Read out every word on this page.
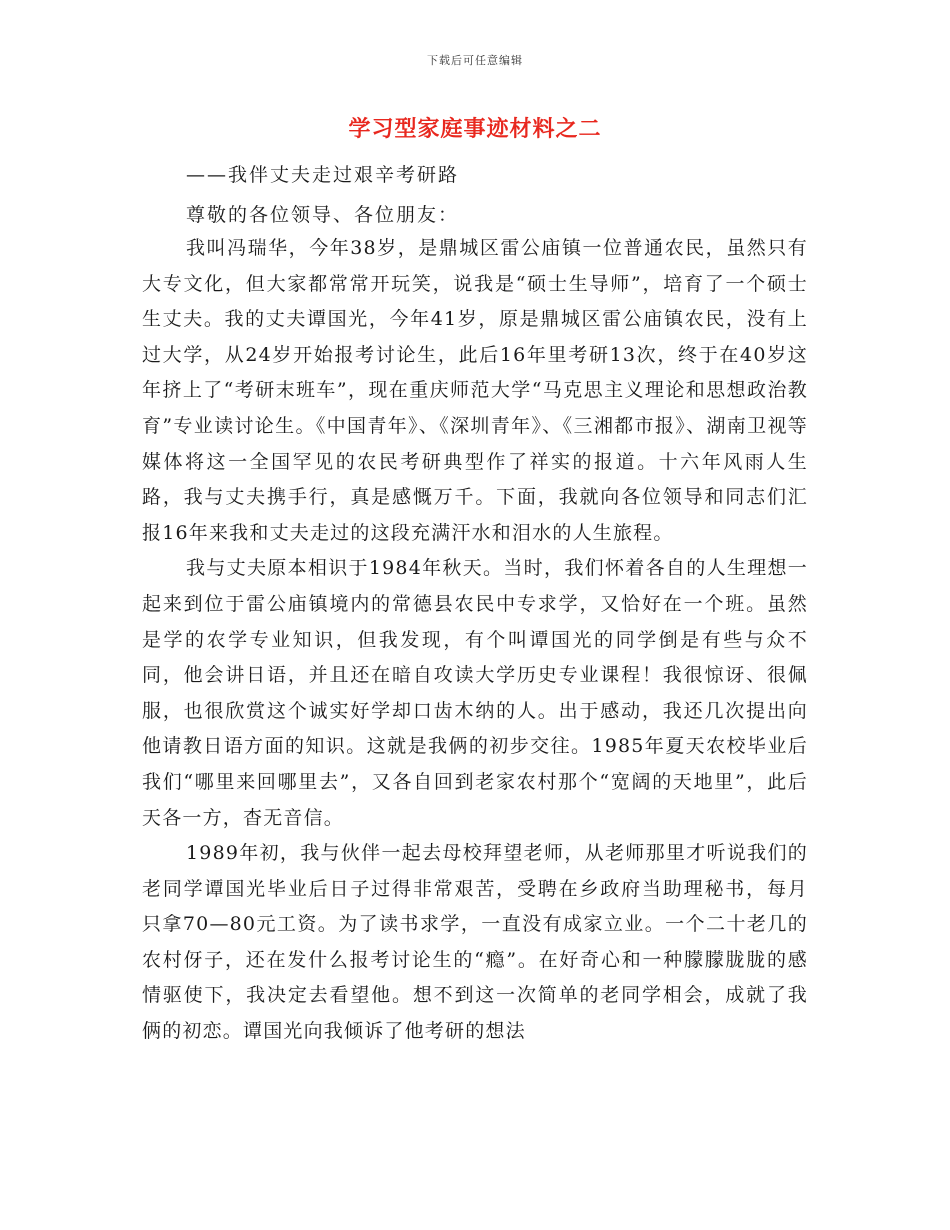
下载后可任意编辑
学习型家庭事迹材料之二
——我伴丈夫走过艰辛考研路
尊敬的各位领导、各位朋友：

我叫冯瑞华，今年38岁，是鼎城区雷公庙镇一位普通农民，虽然只有大专文化，但大家都常常开玩笑，说我是“硕士生导师”，培育了一个硕士生丈夫。我的丈夫谭国光，今年41岁，原是鼎城区雷公庙镇农民，没有上过大学，从24岁开始报考讨论生，此后16年里考研13次，终于在40岁这年挤上了“考研末班车”，现在重庆师范大学“马克思主义理论和思想政治教育”专业读讨论生。《中国青年》、《深圳青年》、《三湘都市报》、湖南卫视等媒体将这一全国罕见的农民考研典型作了祥实的报道。十六年风雨人生路，我与丈夫携手行，真是感慨万千。下面，我就向各位领导和同志们汇报16年来我和丈夫走过的这段充满汗水和泪水的人生旅程。

我与丈夫原本相识于1984年秋天。当时，我们怀着各自的人生理想一起来到位于雷公庙镇境内的常德县农民中专求学，又恰好在一个班。虽然是学的农学专业知识，但我发现，有个叫谭国光的同学倒是有些与众不同，他会讲日语，并且还在暗自攻读大学历史专业课程！我很惊讶、很佩服，也很欣赏这个诚实好学却口齿木纳的人。出于感动，我还几次提出向他请教日语方面的知识。这就是我俩的初步交往。1985年夏天农校毕业后我们“哪里来回哪里去”，又各自回到老家农村那个“宽阔的天地里”，此后天各一方，杳无音信。

1989年初，我与伙伴一起去母校拜望老师，从老师那里才听说我们的老同学谭国光毕业后日子过得非常艰苦，受聘在乡政府当助理秘书，每月只拿70—80元工资。为了读书求学，一直没有成家立业。一个二十老几的农村伢子，还在发什么报考讨论生的“瘾”。在好奇心和一种朦朦胧胧的感情驱使下，我决定去看望他。想不到这一次简单的老同学相会，成就了我俩的初恋。谭国光向我倾诉了他考研的想法
